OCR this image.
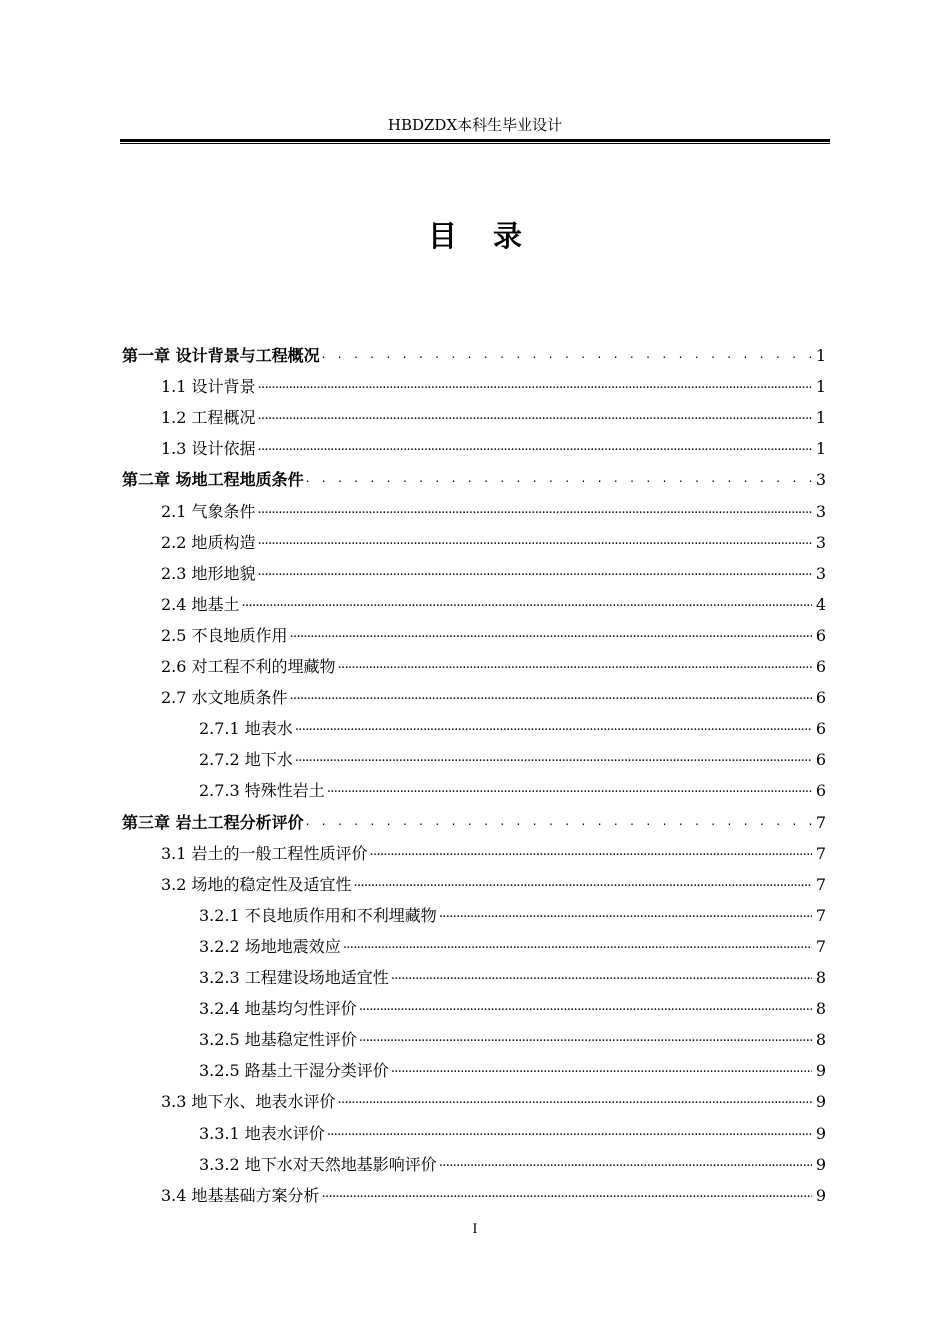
HBDZDX本科生毕业设计
目 录
第一章 设计背景与工程概况 . . .	1
1.1 设计背景 . . .	1
1.2 工程概况 . . .	1
1.3 设计依据 . . .	1
第二章 场地工程地质条件 . . .	3
2.1 气象条件 . . .	3
2.2 地质构造 . . .	3
2.3 地形地貌 . . .	3
2.4 地基土 . . .	4
2.5 不良地质作用 . . .	6
2.6 对工程不利的埋藏物 . . .	6
2.7 水文地质条件 . . .	6
2.7.1 地表水 . . .	6
2.7.2 地下水 . . .	6
2.7.3 特殊性岩土 . . .	6
第三章 岩土工程分析评价 . . .	7
3.1 岩土的一般工程性质评价 . . .	7
3.2 场地的稳定性及适宜性 . . .	7
3.2.1 不良地质作用和不利埋藏物 . . .	7
3.2.2 场地地震效应 . . .	7
3.2.3 工程建设场地适宜性 . . .	8
3.2.4 地基均匀性评价 . . .	8
3.2.5 地基稳定性评价 . . .	8
3.2.5 路基土干湿分类评价 . . .	9
3.3 地下水、地表水评价 . . .	9
3.3.1 地表水评价 . . .	9
3.3.2 地下水对天然地基影响评价 . . .	9
3.4 地基基础方案分析 . . .	9
I
